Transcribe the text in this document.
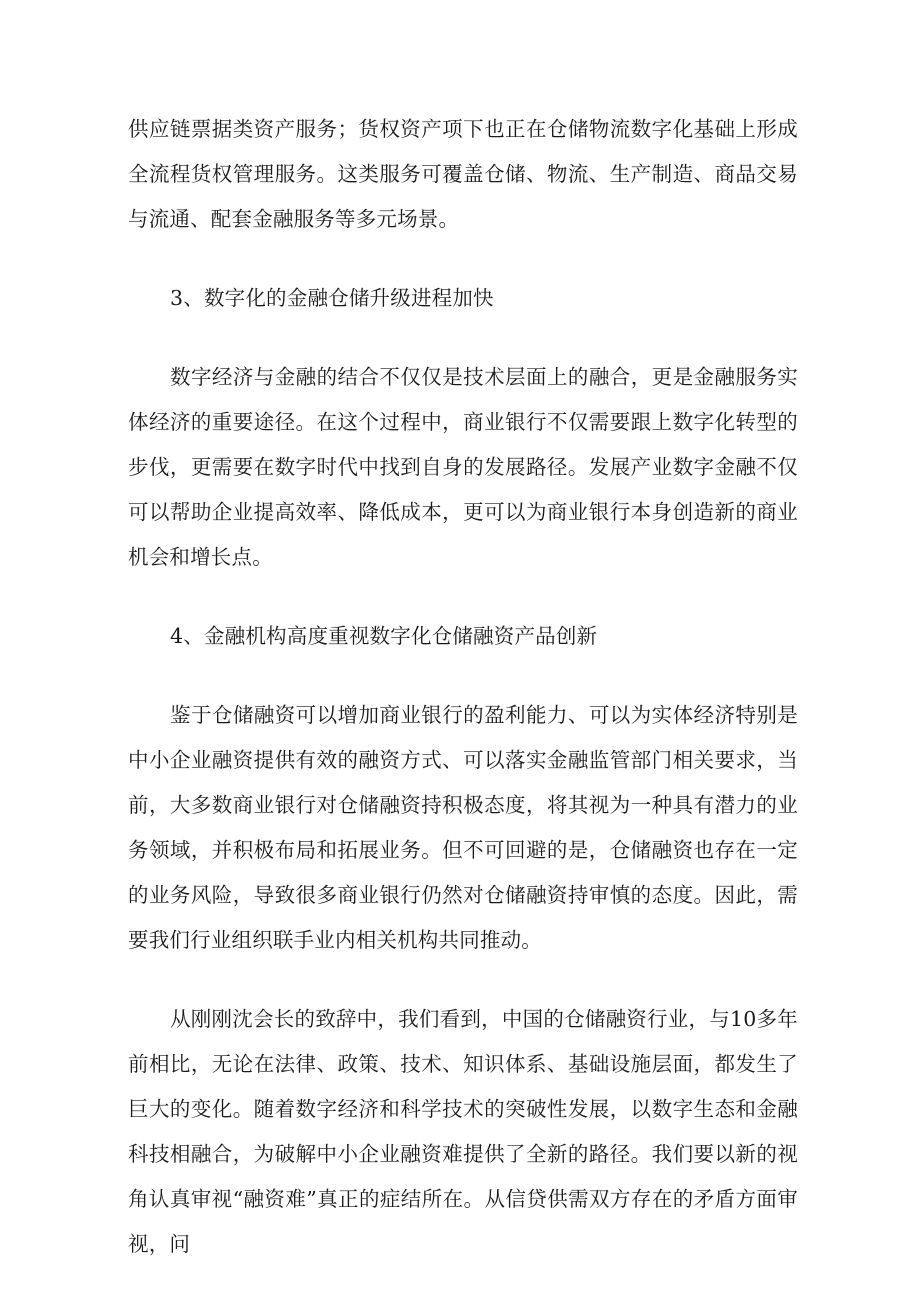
供应链票据类资产服务；货权资产项下也正在仓储物流数字化基础上形成全流程货权管理服务。这类服务可覆盖仓储、物流、生产制造、商品交易与流通、配套金融服务等多元场景。

3、数字化的金融仓储升级进程加快

数字经济与金融的结合不仅仅是技术层面上的融合，更是金融服务实体经济的重要途径。在这个过程中，商业银行不仅需要跟上数字化转型的步伐，更需要在数字时代中找到自身的发展路径。发展产业数字金融不仅可以帮助企业提高效率、降低成本，更可以为商业银行本身创造新的商业机会和增长点。

4、金融机构高度重视数字化仓储融资产品创新

鉴于仓储融资可以增加商业银行的盈利能力、可以为实体经济特别是中小企业融资提供有效的融资方式、可以落实金融监管部门相关要求，当前，大多数商业银行对仓储融资持积极态度，将其视为一种具有潜力的业务领域，并积极布局和拓展业务。但不可回避的是，仓储融资也存在一定的业务风险，导致很多商业银行仍然对仓储融资持审慎的态度。因此，需要我们行业组织联手业内相关机构共同推动。

从刚刚沈会长的致辞中，我们看到，中国的仓储融资行业，与10多年前相比，无论在法律、政策、技术、知识体系、基础设施层面，都发生了巨大的变化。随着数字经济和科学技术的突破性发展，以数字生态和金融科技相融合，为破解中小企业融资难提供了全新的路径。我们要以新的视角认真审视“融资难”真正的症结所在。从信贷供需双方存在的矛盾方面审视，问
